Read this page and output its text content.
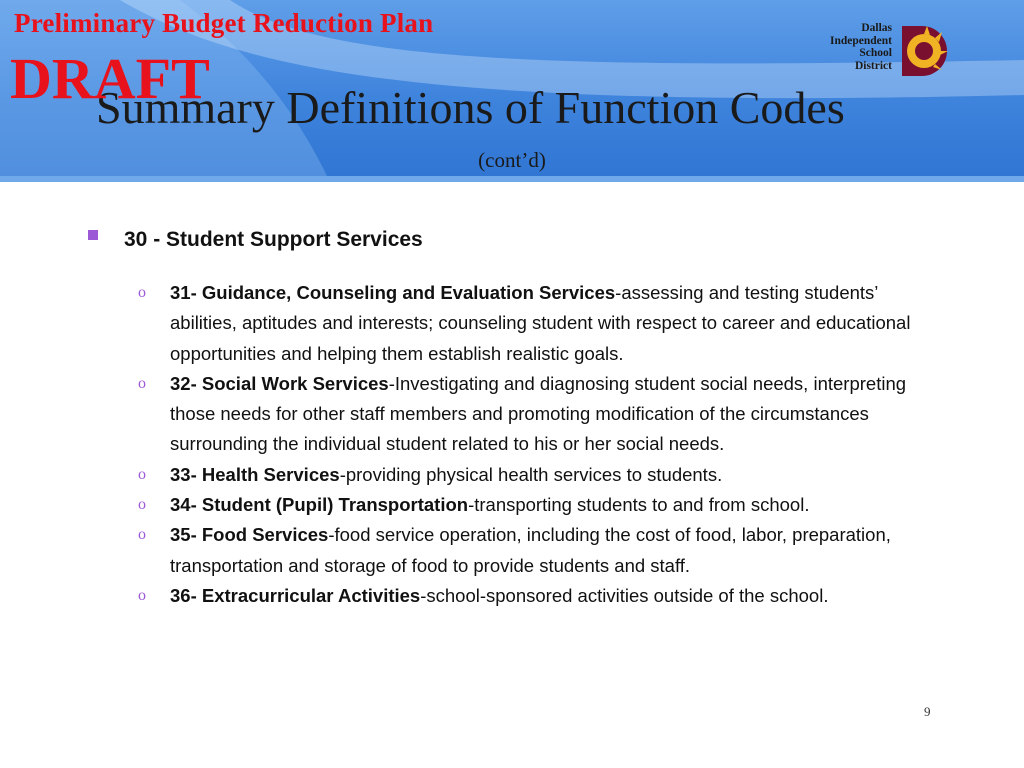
Preliminary Budget Reduction Plan
DRAFT
Summary Definitions of Function Codes
(cont’d)
Dallas
Independent
School
District
30 - Student Support Services
o 31- Guidance, Counseling and Evaluation Services-assessing and testing students’ abilities, aptitudes and interests; counseling student with respect to career and educational opportunities and helping them establish realistic goals.
o 32- Social Work Services-Investigating and diagnosing student social needs, interpreting those needs for other staff members and promoting modification of the circumstances surrounding the individual student related to his or her social needs.
o 33- Health Services-providing physical health services to students.
o 34- Student (Pupil) Transportation-transporting students to and from school.
o 35- Food Services-food service operation, including the cost of food, labor, preparation, transportation and storage of food to provide students and staff.
o 36- Extracurricular Activities-school-sponsored activities outside of the school.
9
